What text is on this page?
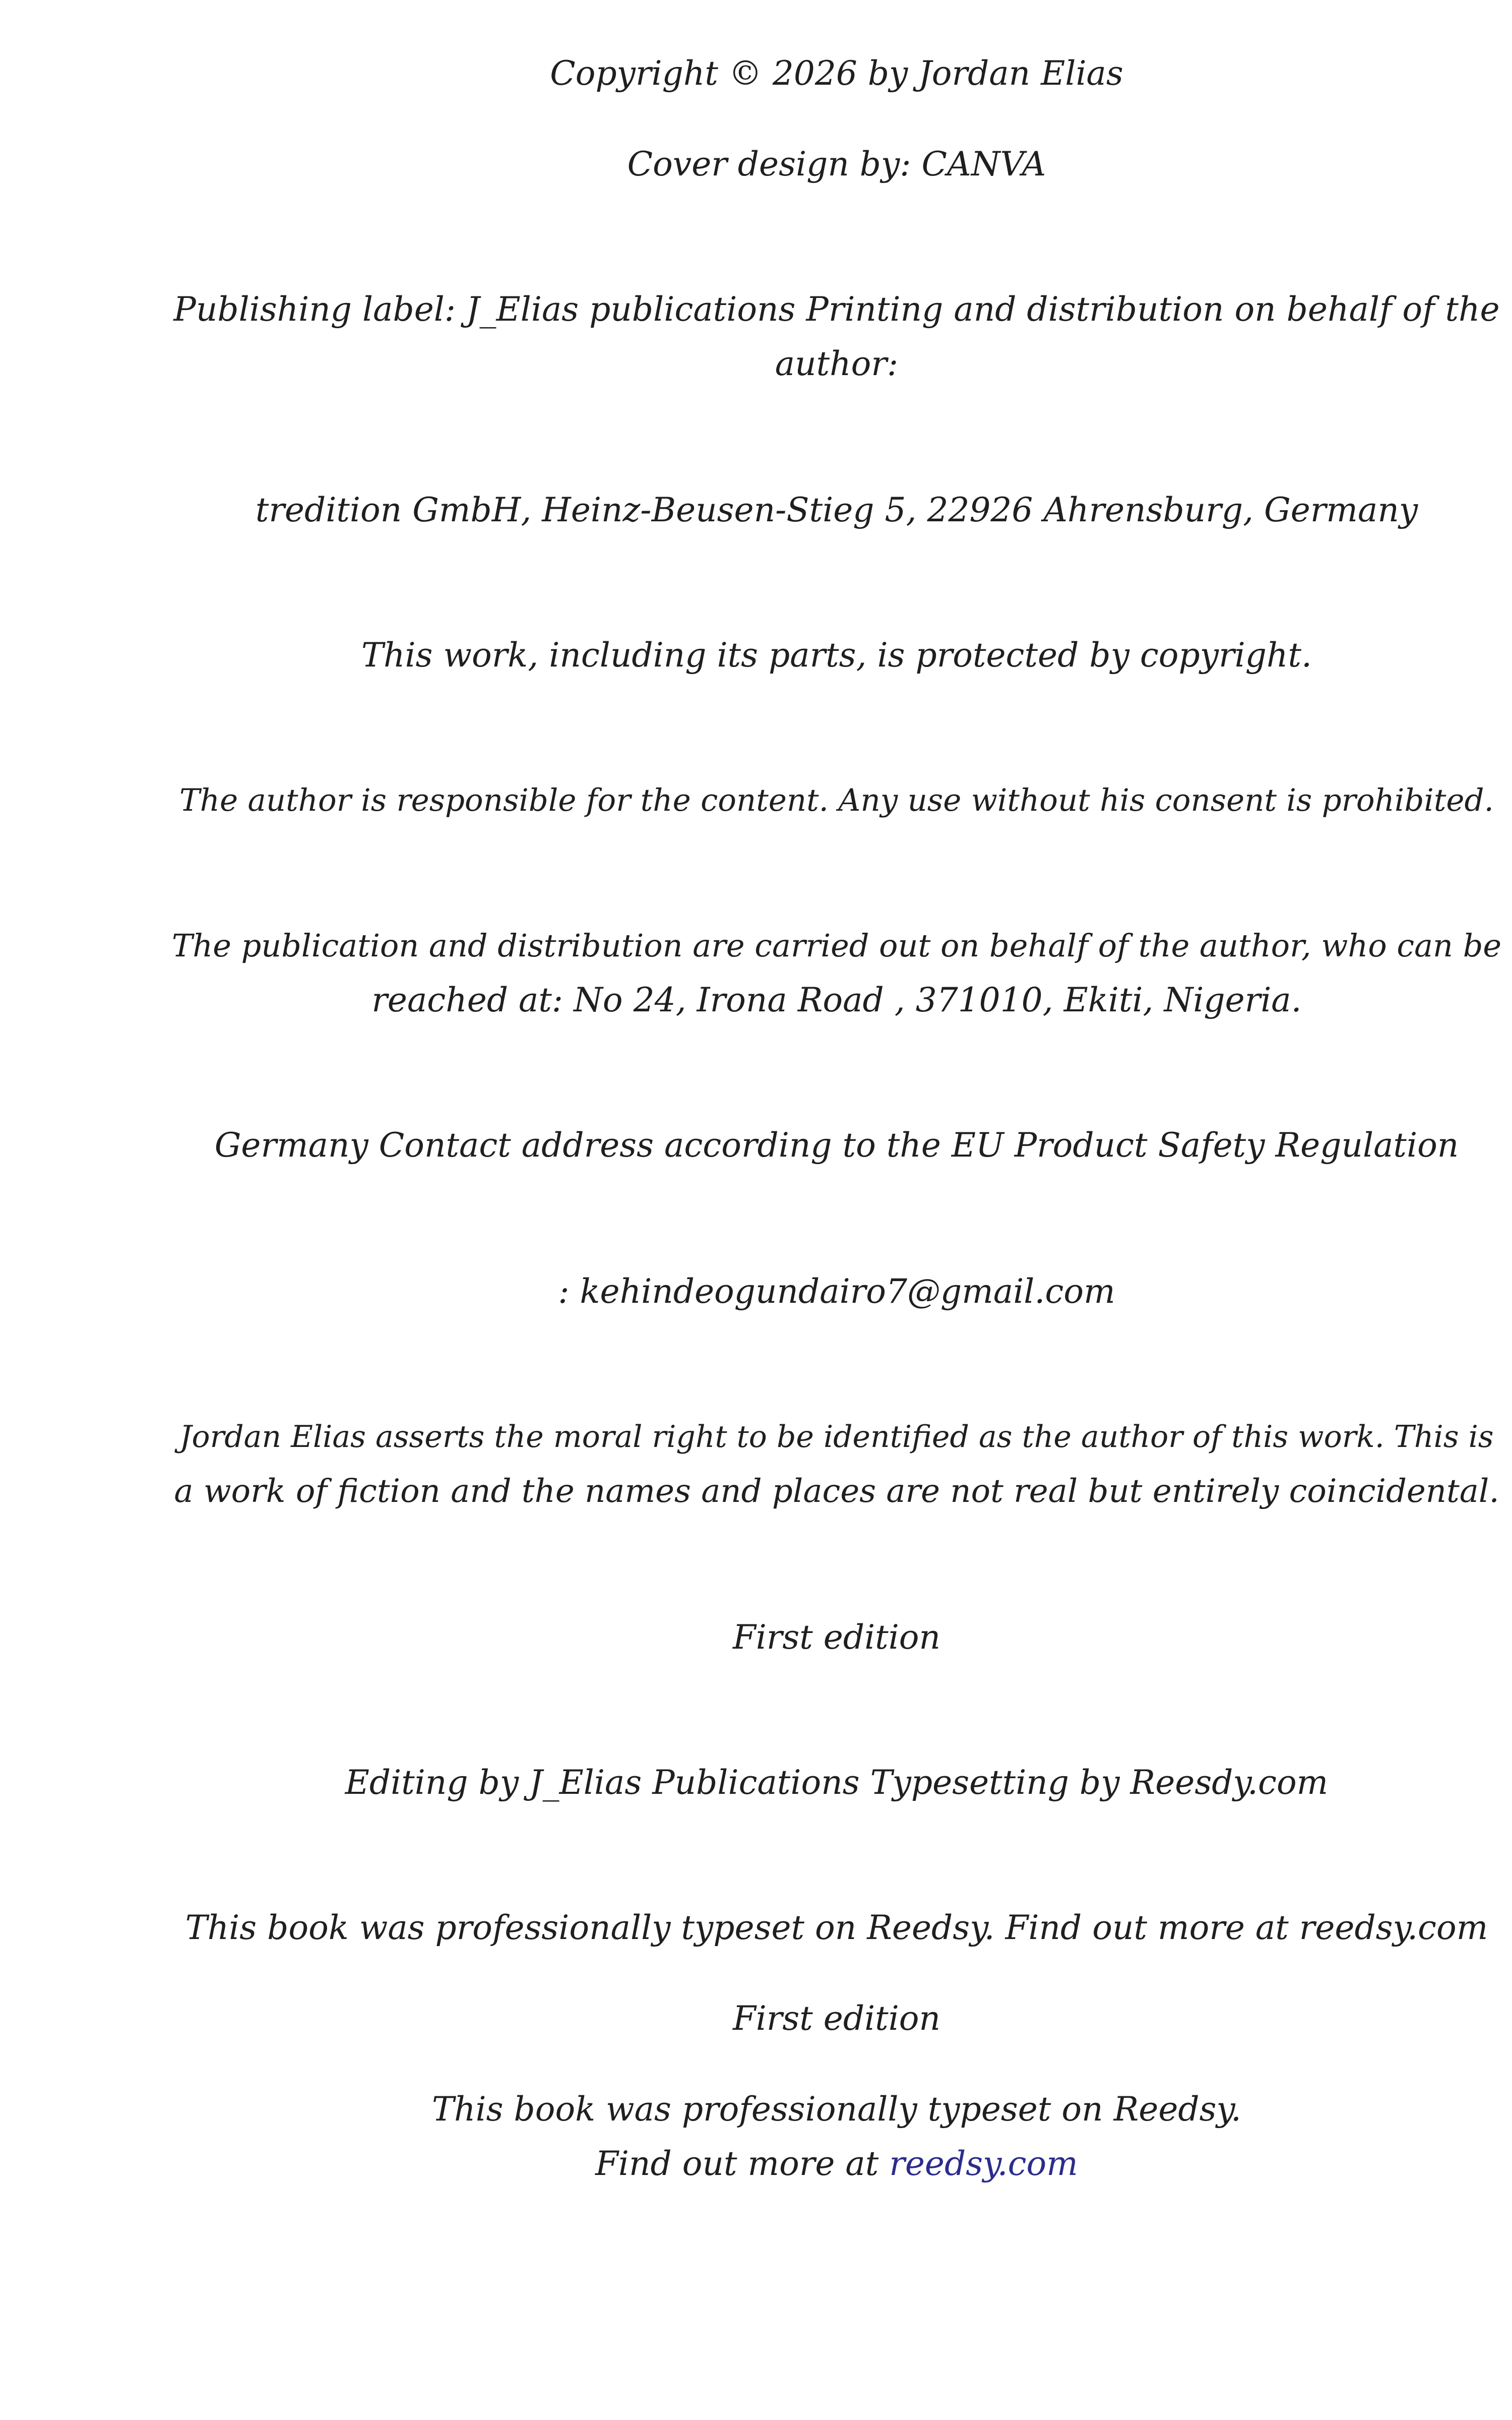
Copyright © 2026 by Jordan Elias

Cover design by: CANVA

Publishing label: J_Elias publications Printing and distribution on behalf of the

author:

tredition GmbH, Heinz-Beusen-Stieg 5, 22926 Ahrensburg, Germany

This work, including its parts, is protected by copyright.

The author is responsible for the content. Any use without his consent is prohibited.

The publication and distribution are carried out on behalf of the author, who can be

reached at: No 24, Irona Road , 371010, Ekiti, Nigeria.

Germany Contact address according to the EU Product Safety Regulation

: kehindeogundairo7@gmail.com

Jordan Elias asserts the moral right to be identified as the author of this work. This is

a work of fiction and the names and places are not real but entirely coincidental.

First edition

Editing by J_Elias Publications Typesetting by Reesdy.com

This book was professionally typeset on Reedsy. Find out more at reedsy.com

First edition

This book was professionally typeset on Reedsy.

Find out more at reedsy.com
